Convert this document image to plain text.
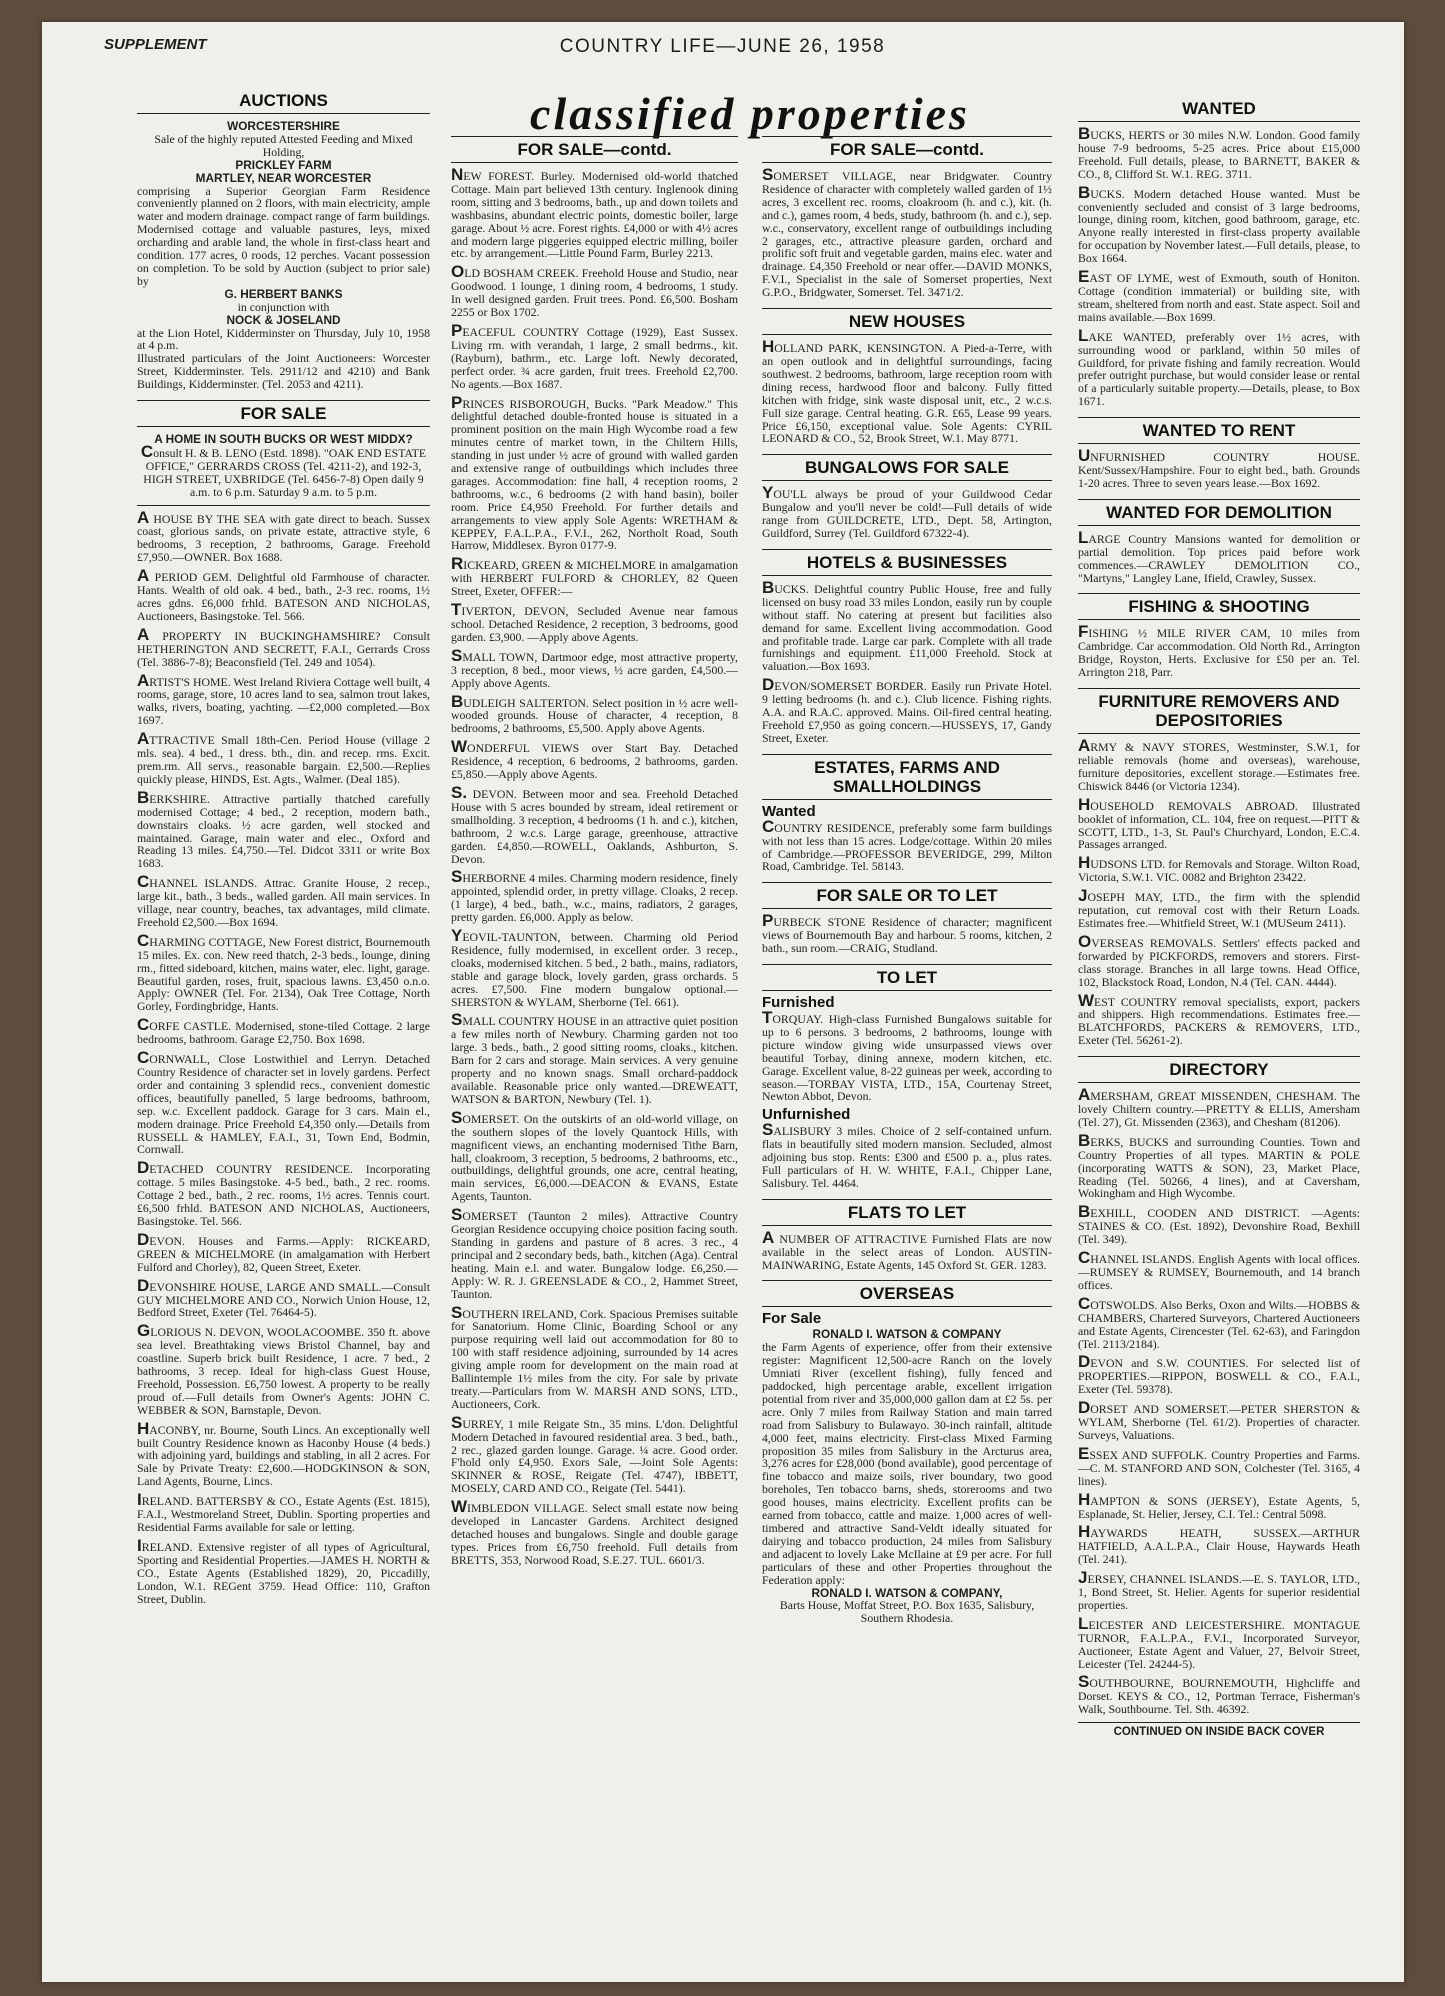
SUPPLEMENT	COUNTRY LIFE—JUNE 26, 1958
classified properties
AUCTIONS

WORCESTERSHIRE

Sale of the highly reputed Attested Feeding and Mixed Holding,

PRICKLEY FARM

MARTLEY, NEAR WORCESTER

comprising a Superior Georgian Farm Residence conveniently planned on 2 floors, with main electricity, ample water and modern drainage. compact range of farm buildings. Modernised cottage and valuable pastures, leys, mixed orcharding and arable land, the whole in first-class heart and condition. 177 acres, 0 roods, 12 perches. Vacant possession on completion. To be sold by Auction (subject to prior sale) by

G. HERBERT BANKS

in conjunction with

NOCK & JOSELAND

at the Lion Hotel, Kidderminster on Thursday, July 10, 1958 at 4 p.m.

Illustrated particulars of the Joint Auctioneers: Worcester Street, Kidderminster. Tels. 2911/12 and 4210) and Bank Buildings, Kidderminster. (Tel. 2053 and 4211).

FOR SALE

A HOME IN SOUTH BUCKS OR WEST MIDDX?

Consult H. & B. LENO (Estd. 1898). "OAK END ESTATE OFFICE," GERRARDS CROSS (Tel. 4211-2), and 192-3, HIGH STREET, UXBRIDGE (Tel. 6456-7-8) Open daily 9 a.m. to 6 p.m. Saturday 9 a.m. to 5 p.m.

A HOUSE BY THE SEA with gate direct to beach. Sussex coast, glorious sands, on private estate, attractive style, 6 bedrooms, 3 reception, 2 bathrooms, Garage. Freehold £7,950.—OWNER. Box 1688.

A PERIOD GEM. Delightful old Farmhouse of character. Hants. Wealth of old oak. 4 bed., bath., 2-3 rec. rooms, 1½ acres gdns. £6,000 frhld. BATESON AND NICHOLAS, Auctioneers, Basingstoke. Tel. 566.

A PROPERTY IN BUCKINGHAMSHIRE? Consult HETHERINGTON AND SECRETT, F.A.I., Gerrards Cross (Tel. 3886-7-8); Beaconsfield (Tel. 249 and 1054).

ARTIST'S HOME. West Ireland Riviera Cottage well built, 4 rooms, garage, store, 10 acres land to sea, salmon trout lakes, walks, rivers, boating, yachting. —£2,000 completed.—Box 1697.

ATTRACTIVE Small 18th-Cen. Period House (village 2 mls. sea). 4 bed., 1 dress. bth., din. and recep. rms. Excit. prem.rm. All servs., reasonable bargain. £2,500.—Replies quickly please, HINDS, Est. Agts., Walmer. (Deal 185).

BERKSHIRE. Attractive partially thatched carefully modernised Cottage; 4 bed., 2 reception, modern bath., downstairs cloaks. ½ acre garden, well stocked and maintained. Garage, main water and elec., Oxford and Reading 13 miles. £4,750.—Tel. Didcot 3311 or write Box 1683.

CHANNEL ISLANDS. Attrac. Granite House, 2 recep., large kit., bath., 3 beds., walled garden. All main services. In village, near country, beaches, tax advantages, mild climate. Freehold £2,500.—Box 1694.

CHARMING COTTAGE, New Forest district, Bournemouth 15 miles. Ex. con. New reed thatch, 2-3 beds., lounge, dining rm., fitted sideboard, kitchen, mains water, elec. light, garage. Beautiful garden, roses, fruit, spacious lawns. £3,450 o.n.o. Apply: OWNER (Tel. For. 2134), Oak Tree Cottage, North Gorley, Fordingbridge, Hants.

CORFE CASTLE. Modernised, stone-tiled Cottage. 2 large bedrooms, bathroom. Garage £2,750. Box 1698.

CORNWALL, Close Lostwithiel and Lerryn. Detached Country Residence of character set in lovely gardens. Perfect order and containing 3 splendid recs., convenient domestic offices, beautifully panelled, 5 large bedrooms, bathroom, sep. w.c. Excellent paddock. Garage for 3 cars. Main el., modern drainage. Price Freehold £4,350 only.—Details from RUSSELL & HAMLEY, F.A.I., 31, Town End, Bodmin, Cornwall.

DETACHED COUNTRY RESIDENCE. Incorporating cottage. 5 miles Basingstoke. 4-5 bed., bath., 2 rec. rooms. Cottage 2 bed., bath., 2 rec. rooms, 1½ acres. Tennis court. £6,500 frhld. BATESON AND NICHOLAS, Auctioneers, Basingstoke. Tel. 566.

DEVON. Houses and Farms.—Apply: RICKEARD, GREEN & MICHELMORE (in amalgamation with Herbert Fulford and Chorley), 82, Queen Street, Exeter.

DEVONSHIRE HOUSE, LARGE AND SMALL.—Consult GUY MICHELMORE AND CO., Norwich Union House, 12, Bedford Street, Exeter (Tel. 76464-5).

GLORIOUS N. DEVON, WOOLACOOMBE. 350 ft. above sea level. Breathtaking views Bristol Channel, bay and coastline. Superb brick built Residence, 1 acre. 7 bed., 2 bathrooms, 3 recep. Ideal for high-class Guest House, Freehold, Possession. £6,750 lowest. A property to be really proud of.—Full details from Owner's Agents: JOHN C. WEBBER & SON, Barnstaple, Devon.

HACONBY, nr. Bourne, South Lincs. An exceptionally well built Country Residence known as Haconby House (4 beds.) with adjoining yard, buildings and stabling, in all 2 acres. For Sale by Private Treaty: £2,600.—HODGKINSON & SON, Land Agents, Bourne, Lincs.

IRELAND. BATTERSBY & CO., Estate Agents (Est. 1815), F.A.I., Westmoreland Street, Dublin. Sporting properties and Residential Farms available for sale or letting.

IRELAND. Extensive register of all types of Agricultural, Sporting and Residential Properties.—JAMES H. NORTH & CO., Estate Agents (Established 1829), 20, Piccadilly, London, W.1. REGent 3759. Head Office: 110, Grafton Street, Dublin.

FOR SALE—contd.

NEW FOREST. Burley. Modernised old-world thatched Cottage. Main part believed 13th century. Inglenook dining room, sitting and 3 bedrooms, bath., up and down toilets and washbasins, abundant electric points, domestic boiler, large garage. About ½ acre. Forest rights. £4,000 or with 4½ acres and modern large piggeries equipped electric milling, boiler etc. by arrangement.—Little Pound Farm, Burley 2213.

OLD BOSHAM CREEK. Freehold House and Studio, near Goodwood. 1 lounge, 1 dining room, 4 bedrooms, 1 study. In well designed garden. Fruit trees. Pond. £6,500. Bosham 2255 or Box 1702.

PEACEFUL COUNTRY Cottage (1929), East Sussex. Living rm. with verandah, 1 large, 2 small bedrms., kit. (Rayburn), bathrm., etc. Large loft. Newly decorated, perfect order. ¾ acre garden, fruit trees. Freehold £2,700. No agents.—Box 1687.

PRINCES RISBOROUGH, Bucks. "Park Meadow." This delightful detached double-fronted house is situated in a prominent position on the main High Wycombe road a few minutes centre of market town, in the Chiltern Hills, standing in just under ½ acre of ground with walled garden and extensive range of outbuildings which includes three garages. Accommodation: fine hall, 4 reception rooms, 2 bathrooms, w.c., 6 bedrooms (2 with hand basin), boiler room. Price £4,950 Freehold. For further details and arrangements to view apply Sole Agents: WRETHAM & KEPPEY, F.A.L.P.A., F.V.I., 262, Northolt Road, South Harrow, Middlesex. Byron 0177-9.

RICKEARD, GREEN & MICHELMORE in amalgamation with HERBERT FULFORD & CHORLEY, 82 Queen Street, Exeter, OFFER:—

TIVERTON, DEVON, Secluded Avenue near famous school. Detached Residence, 2 reception, 3 bedrooms, good garden. £3,900. —Apply above Agents.

SMALL TOWN, Dartmoor edge, most attractive property, 3 reception, 8 bed., moor views, ½ acre garden, £4,500.—Apply above Agents.

BUDLEIGH SALTERTON. Select position in ½ acre well-wooded grounds. House of character, 4 reception, 8 bedrooms, 2 bathrooms, £5,500. Apply above Agents.

WONDERFUL VIEWS over Start Bay. Detached Residence, 4 reception, 6 bedrooms, 2 bathrooms, garden. £5,850.—Apply above Agents.

S. DEVON. Between moor and sea. Freehold Detached House with 5 acres bounded by stream, ideal retirement or smallholding. 3 reception, 4 bedrooms (1 h. and c.), kitchen, bathroom, 2 w.c.s. Large garage, greenhouse, attractive garden. £4,850.—ROWELL, Oaklands, Ashburton, S. Devon.

SHERBORNE 4 miles. Charming modern residence, finely appointed, splendid order, in pretty village. Cloaks, 2 recep. (1 large), 4 bed., bath., w.c., mains, radiators, 2 garages, pretty garden. £6,000. Apply as below.

YEOVIL-TAUNTON, between. Charming old Period Residence, fully modernised, in excellent order. 3 recep., cloaks, modernised kitchen. 5 bed., 2 bath., mains, radiators, stable and garage block, lovely garden, grass orchards. 5 acres. £7,500. Fine modern bungalow optional.—SHERSTON & WYLAM, Sherborne (Tel. 661).

SMALL COUNTRY HOUSE in an attractive quiet position a few miles north of Newbury. Charming garden not too large. 3 beds., bath., 2 good sitting rooms, cloaks., kitchen. Barn for 2 cars and storage. Main services. A very genuine property and no known snags. Small orchard-paddock available. Reasonable price only wanted.—DREWEATT, WATSON & BARTON, Newbury (Tel. 1).

SOMERSET. On the outskirts of an old-world village, on the southern slopes of the lovely Quantock Hills, with magnificent views, an enchanting modernised Tithe Barn, hall, cloakroom, 3 reception, 5 bedrooms, 2 bathrooms, etc., outbuildings, delightful grounds, one acre, central heating, main services, £6,000.—DEACON & EVANS, Estate Agents, Taunton.

SOMERSET (Taunton 2 miles). Attractive Country Georgian Residence occupying choice position facing south. Standing in gardens and pasture of 8 acres. 3 rec., 4 principal and 2 secondary beds, bath., kitchen (Aga). Central heating. Main e.l. and water. Bungalow lodge. £6,250.—Apply: W. R. J. GREENSLADE & CO., 2, Hammet Street, Taunton.

SOUTHERN IRELAND, Cork. Spacious Premises suitable for Sanatorium. Home Clinic, Boarding School or any purpose requiring well laid out accommodation for 80 to 100 with staff residence adjoining, surrounded by 14 acres giving ample room for development on the main road at Ballintemple 1½ miles from the city. For sale by private treaty.—Particulars from W. MARSH AND SONS, LTD., Auctioneers, Cork.

SURREY, 1 mile Reigate Stn., 35 mins. L'don. Delightful Modern Detached in favoured residential area. 3 bed., bath., 2 rec., glazed garden lounge. Garage. ¼ acre. Good order. F'hold only £4,950. Exors Sale, —Joint Sole Agents: SKINNER & ROSE, Reigate (Tel. 4747), IBBETT, MOSELY, CARD AND CO., Reigate (Tel. 5441).

WIMBLEDON VILLAGE. Select small estate now being developed in Lancaster Gardens. Architect designed detached houses and bungalows. Single and double garage types. Prices from £6,750 freehold. Full details from BRETTS, 353, Norwood Road, S.E.27. TUL. 6601/3.

FOR SALE—contd.

SOMERSET VILLAGE, near Bridgwater. Country Residence of character with completely walled garden of 1½ acres, 3 excellent rec. rooms, cloakroom (h. and c.), kit. (h. and c.), games room, 4 beds, study, bathroom (h. and c.), sep. w.c., conservatory, excellent range of outbuildings including 2 garages, etc., attractive pleasure garden, orchard and prolific soft fruit and vegetable garden, mains elec. water and drainage. £4,350 Freehold or near offer.—DAVID MONKS, F.V.I., Specialist in the sale of Somerset properties, Next G.P.O., Bridgwater, Somerset. Tel. 3471/2.

NEW HOUSES

HOLLAND PARK, KENSINGTON. A Pied-a-Terre, with an open outlook and in delightful surroundings, facing southwest. 2 bedrooms, bathroom, large reception room with dining recess, hardwood floor and balcony. Fully fitted kitchen with fridge, sink waste disposal unit, etc., 2 w.c.s. Full size garage. Central heating. G.R. £65, Lease 99 years. Price £6,150, exceptional value. Sole Agents: CYRIL LEONARD & CO., 52, Brook Street, W.1. May 8771.

BUNGALOWS FOR SALE

YOU'LL always be proud of your Guildwood Cedar Bungalow and you'll never be cold!—Full details of wide range from GUILDCRETE, LTD., Dept. 58, Artington, Guildford, Surrey (Tel. Guildford 67322-4).

HOTELS & BUSINESSES

BUCKS. Delightful country Public House, free and fully licensed on busy road 33 miles London, easily run by couple without staff. No catering at present but facilities also demand for same. Excellent living accommodation. Good and profitable trade. Large car park. Complete with all trade furnishings and equipment. £11,000 Freehold. Stock at valuation.—Box 1693.

DEVON/SOMERSET BORDER. Easily run Private Hotel. 9 letting bedrooms (h. and c.). Club licence. Fishing rights. A.A. and R.A.C. approved. Mains. Oil-fired central heating. Freehold £7,950 as going concern.—HUSSEYS, 17, Gandy Street, Exeter.

ESTATES, FARMS AND SMALLHOLDINGS
Wanted

COUNTRY RESIDENCE, preferably some farm buildings with not less than 15 acres. Lodge/cottage. Within 20 miles of Cambridge.—PROFESSOR BEVERIDGE, 299, Milton Road, Cambridge. Tel. 58143.

FOR SALE OR TO LET

PURBECK STONE Residence of character; magnificent views of Bournemouth Bay and harbour. 5 rooms, kitchen, 2 bath., sun room.—CRAIG, Studland.

TO LET
Furnished

TORQUAY. High-class Furnished Bungalows suitable for up to 6 persons. 3 bedrooms, 2 bathrooms, lounge with picture window giving wide unsurpassed views over beautiful Torbay, dining annexe, modern kitchen, etc. Garage. Excellent value, 8-22 guineas per week, according to season.—TORBAY VISTA, LTD., 15A, Courtenay Street, Newton Abbot, Devon.

Unfurnished

SALISBURY 3 miles. Choice of 2 self-contained unfurn. flats in beautifully sited modern mansion. Secluded, almost adjoining bus stop. Rents: £300 and £500 p. a., plus rates. Full particulars of H. W. WHITE, F.A.I., Chipper Lane, Salisbury. Tel. 4464.

FLATS TO LET

A NUMBER OF ATTRACTIVE Furnished Flats are now available in the select areas of London. AUSTIN-MAINWARING, Estate Agents, 145 Oxford St. GER. 1283.

OVERSEAS
For Sale

RONALD I. WATSON & COMPANY

the Farm Agents of experience, offer from their extensive register: Magnificent 12,500-acre Ranch on the lovely Umniati River (excellent fishing), fully fenced and paddocked, high percentage arable, excellent irrigation potential from river and 35,000,000 gallon dam at £2 5s. per acre. Only 7 miles from Railway Station and main tarred road from Salisbury to Bulawayo. 30-inch rainfall, altitude 4,000 feet, mains electricity. First-class Mixed Farming proposition 35 miles from Salisbury in the Arcturus area, 3,276 acres for £28,000 (bond available), good percentage of fine tobacco and maize soils, river boundary, two good boreholes, Ten tobacco barns, sheds, storerooms and two good houses, mains electricity. Excellent profits can be earned from tobacco, cattle and maize. 1,000 acres of well-timbered and attractive Sand-Veldt ideally situated for dairying and tobacco production, 24 miles from Salisbury and adjacent to lovely Lake McIlaine at £9 per acre. For full particulars of these and other Properties throughout the Federation apply:

RONALD I. WATSON & COMPANY,

Barts House, Moffat Street, P.O. Box 1635, Salisbury, Southern Rhodesia.

WANTED

BUCKS, HERTS or 30 miles N.W. London. Good family house 7-9 bedrooms, 5-25 acres. Price about £15,000 Freehold. Full details, please, to BARNETT, BAKER & CO., 8, Clifford St. W.1. REG. 3711.

BUCKS. Modern detached House wanted. Must be conveniently secluded and consist of 3 large bedrooms, lounge, dining room, kitchen, good bathroom, garage, etc. Anyone really interested in first-class property available for occupation by November latest.—Full details, please, to Box 1664.

EAST OF LYME, west of Exmouth, south of Honiton. Cottage (condition immaterial) or building site, with stream, sheltered from north and east. State aspect. Soil and mains available.—Box 1699.

LAKE WANTED, preferably over 1½ acres, with surrounding wood or parkland, within 50 miles of Guildford, for private fishing and family recreation. Would prefer outright purchase, but would consider lease or rental of a particularly suitable property.—Details, please, to Box 1671.

WANTED TO RENT

UNFURNISHED COUNTRY HOUSE. Kent/Sussex/Hampshire. Four to eight bed., bath. Grounds 1-20 acres. Three to seven years lease.—Box 1692.

WANTED FOR DEMOLITION

LARGE Country Mansions wanted for demolition or partial demolition. Top prices paid before work commences.—CRAWLEY DEMOLITION CO., "Martyns," Langley Lane, Ifield, Crawley, Sussex.

FISHING & SHOOTING

FISHING ½ MILE RIVER CAM, 10 miles from Cambridge. Car accommodation. Old North Rd., Arrington Bridge, Royston, Herts. Exclusive for £50 per an. Tel. Arrington 218, Parr.

FURNITURE REMOVERS AND DEPOSITORIES

ARMY & NAVY STORES, Westminster, S.W.1, for reliable removals (home and overseas), warehouse, furniture depositories, excellent storage.—Estimates free. Chiswick 8446 (or Victoria 1234).

HOUSEHOLD REMOVALS ABROAD. Illustrated booklet of information, CL. 104, free on request.—PITT & SCOTT, LTD., 1-3, St. Paul's Churchyard, London, E.C.4. Passages arranged.

HUDSONS LTD. for Removals and Storage. Wilton Road, Victoria, S.W.1. VIC. 0082 and Brighton 23422.

JOSEPH MAY, LTD., the firm with the splendid reputation, cut removal cost with their Return Loads. Estimates free.—Whitfield Street, W.1 (MUSeum 2411).

OVERSEAS REMOVALS. Settlers' effects packed and forwarded by PICKFORDS, removers and storers. First-class storage. Branches in all large towns. Head Office, 102, Blackstock Road, London, N.4 (Tel. CAN. 4444).

WEST COUNTRY removal specialists, export, packers and shippers. High recommendations. Estimates free.—BLATCHFORDS, PACKERS & REMOVERS, LTD., Exeter (Tel. 56261-2).

DIRECTORY

AMERSHAM, GREAT MISSENDEN, CHESHAM. The lovely Chiltern country.—PRETTY & ELLIS, Amersham (Tel. 27), Gt. Missenden (2363), and Chesham (81206).

BERKS, BUCKS and surrounding Counties. Town and Country Properties of all types. MARTIN & POLE (incorporating WATTS & SON), 23, Market Place, Reading (Tel. 50266, 4 lines), and at Caversham, Wokingham and High Wycombe.

BEXHILL, COODEN AND DISTRICT. —Agents: STAINES & CO. (Est. 1892), Devonshire Road, Bexhill (Tel. 349).

CHANNEL ISLANDS. English Agents with local offices.—RUMSEY & RUMSEY, Bournemouth, and 14 branch offices.

COTSWOLDS. Also Berks, Oxon and Wilts.—HOBBS & CHAMBERS, Chartered Surveyors, Chartered Auctioneers and Estate Agents, Cirencester (Tel. 62-63), and Faringdon (Tel. 2113/2184).

DEVON and S.W. COUNTIES. For selected list of PROPERTIES.—RIPPON, BOSWELL & CO., F.A.I., Exeter (Tel. 59378).

DORSET AND SOMERSET.—PETER SHERSTON & WYLAM, Sherborne (Tel. 61/2). Properties of character. Surveys, Valuations.

ESSEX AND SUFFOLK. Country Properties and Farms.—C. M. STANFORD AND SON, Colchester (Tel. 3165, 4 lines).

HAMPTON & SONS (JERSEY), Estate Agents, 5, Esplanade, St. Helier, Jersey, C.I. Tel.: Central 5098.

HAYWARDS HEATH, SUSSEX.—ARTHUR HATFIELD, A.A.L.P.A., Clair House, Haywards Heath (Tel. 241).

JERSEY, CHANNEL ISLANDS.—E. S. TAYLOR, LTD., 1, Bond Street, St. Helier. Agents for superior residential properties.

LEICESTER AND LEICESTERSHIRE. MONTAGUE TURNOR, F.A.L.P.A., F.V.I., Incorporated Surveyor, Auctioneer, Estate Agent and Valuer, 27, Belvoir Street, Leicester (Tel. 24244-5).

SOUTHBOURNE, BOURNEMOUTH, Highcliffe and Dorset. KEYS & CO., 12, Portman Terrace, Fisherman's Walk, Southbourne. Tel. Sth. 46392.

CONTINUED ON INSIDE BACK COVER
